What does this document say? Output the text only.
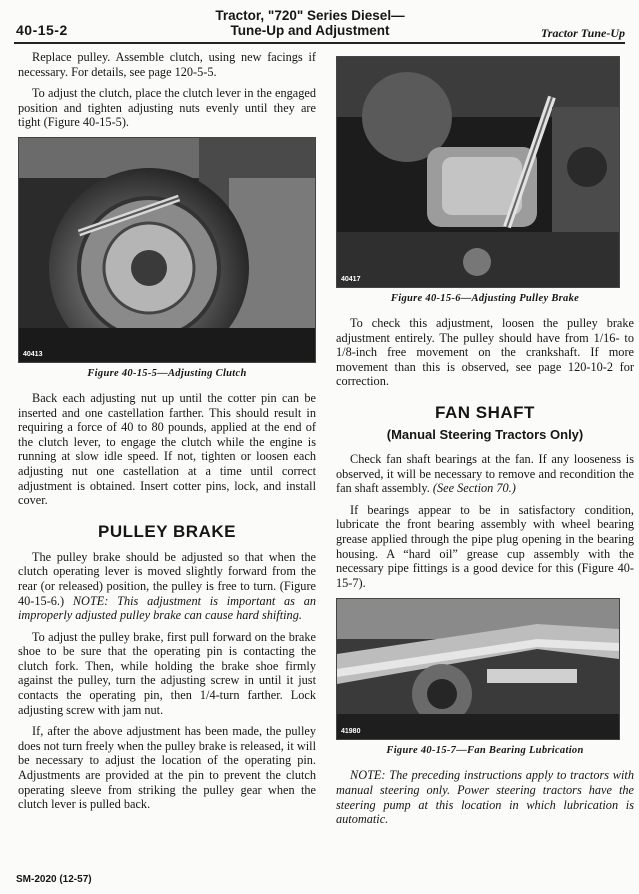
40-15-2
Tractor, "720" Series Diesel—
Tune-Up and Adjustment	Tractor Tune-Up

Replace pulley. Assemble clutch, using new facings if necessary. For details, see page 120-5-5.

To adjust the clutch, place the clutch lever in the engaged position and tighten adjusting nuts evenly until they are tight (Figure 40-15-5).

40413
Figure 40-15-5—Adjusting Clutch

Back each adjusting nut up until the cotter pin can be inserted and one castellation farther. This should result in requiring a force of 40 to 80 pounds, applied at the end of the clutch lever, to engage the clutch while the engine is running at slow idle speed. If not, tighten or loosen each adjusting nut one castellation at a time until correct adjustment is obtained. Insert cotter pins, lock, and install cover.

PULLEY BRAKE

The pulley brake should be adjusted so that when the clutch operating lever is moved slightly forward from the rear (or released) position, the pulley is free to turn. (Figure 40-15-6.) NOTE: This adjustment is important as an improperly adjusted pulley brake can cause hard shifting.

To adjust the pulley brake, first pull forward on the brake shoe to be sure that the operating pin is contacting the clutch fork. Then, while holding the brake shoe firmly against the pulley, turn the adjusting screw in until it just contacts the operating pin, then 1/4-turn farther. Lock adjusting screw with jam nut.

If, after the above adjustment has been made, the pulley does not turn freely when the pulley brake is released, it will be necessary to adjust the location of the operating pin. Adjustments are provided at the pin to prevent the clutch operating sleeve from striking the pulley gear when the clutch lever is pulled back.

40417
Figure 40-15-6—Adjusting Pulley Brake

To check this adjustment, loosen the pulley brake adjustment entirely. The pulley should have from 1/16- to 1/8-inch free movement on the crankshaft. If more movement than this is observed, see page 120-10-2 for correction.

FAN SHAFT
(Manual Steering Tractors Only)

Check fan shaft bearings at the fan. If any looseness is observed, it will be necessary to remove and recondition the fan shaft assembly. (See Section 70.)

If bearings appear to be in satisfactory condition, lubricate the front bearing assembly with wheel bearing grease applied through the pipe plug opening in the bearing housing. A “hard oil” grease cup assembly with the necessary pipe fittings is a good device for this (Figure 40-15-7).

41980
Figure 40-15-7—Fan Bearing Lubrication

NOTE: The preceding instructions apply to tractors with manual steering only. Power steering tractors have the steering pump at this location in which lubrication is automatic.

SM-2020 (12-57)
